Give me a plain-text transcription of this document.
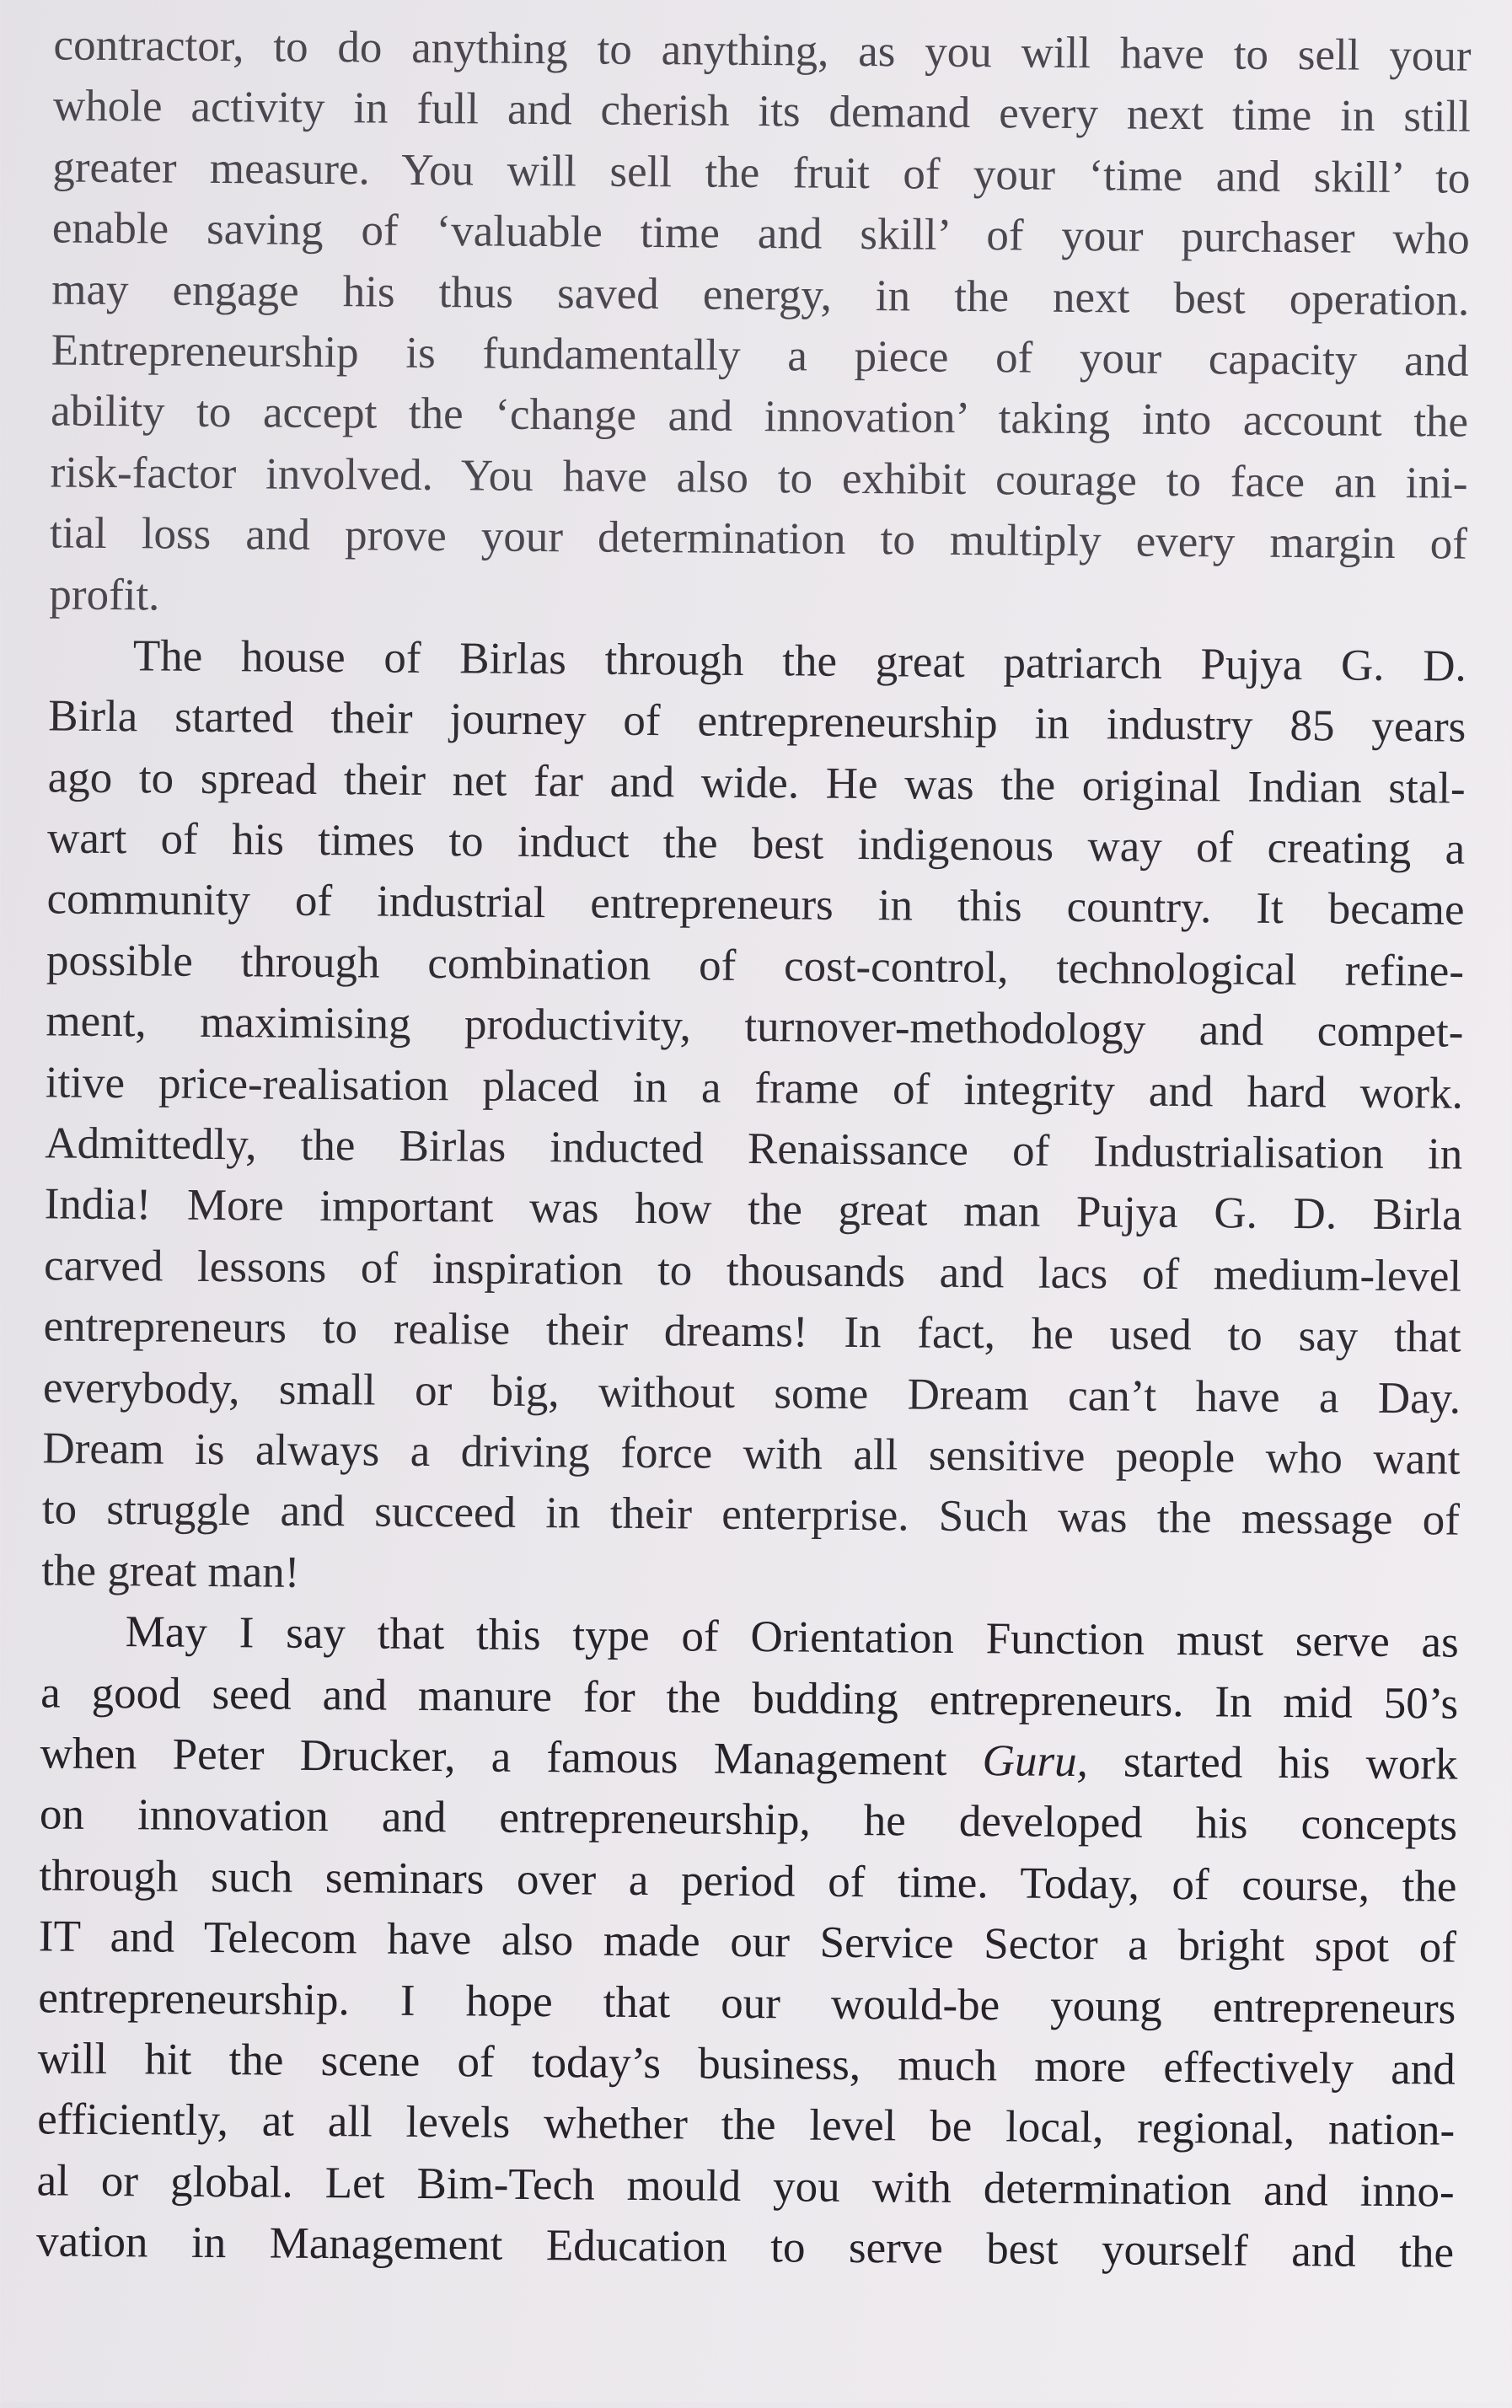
contractor, to do anything to anything, as you will have to sell your
whole activity in full and cherish its demand every next time in still
greater measure. You will sell the fruit of your ‘time and skill’ to
enable saving of ‘valuable time and skill’ of your purchaser who
may engage his thus saved energy, in the next best operation.
Entrepreneurship is fundamentally a piece of your capacity and
ability to accept the ‘change and innovation’ taking into account the
risk-factor involved. You have also to exhibit courage to face an ini-
tial loss and prove your determination to multiply every margin of
profit.
The house of Birlas through the great patriarch Pujya G. D.
Birla started their journey of entrepreneurship in industry 85 years
ago to spread their net far and wide. He was the original Indian stal-
wart of his times to induct the best indigenous way of creating a
community of industrial entrepreneurs in this country. It became
possible through combination of cost-control, technological refine-
ment, maximising productivity, turnover-methodology and compet-
itive price-realisation placed in a frame of integrity and hard work.
Admittedly, the Birlas inducted Renaissance of Industrialisation in
India! More important was how the great man Pujya G. D. Birla
carved lessons of inspiration to thousands and lacs of medium-level
entrepreneurs to realise their dreams! In fact, he used to say that
everybody, small or big, without some Dream can’t have a Day.
Dream is always a driving force with all sensitive people who want
to struggle and succeed in their enterprise. Such was the message of
the great man!
May I say that this type of Orientation Function must serve as
a good seed and manure for the budding entrepreneurs. In mid 50’s
when Peter Drucker, a famous Management Guru, started his work
on innovation and entrepreneurship, he developed his concepts
through such seminars over a period of time. Today, of course, the
IT and Telecom have also made our Service Sector a bright spot of
entrepreneurship. I hope that our would-be young entrepreneurs
will hit the scene of today’s business, much more effectively and
efficiently, at all levels whether the level be local, regional, nation-
al or global. Let Bim-Tech mould you with determination and inno-
vation in Management Education to serve best yourself and the
